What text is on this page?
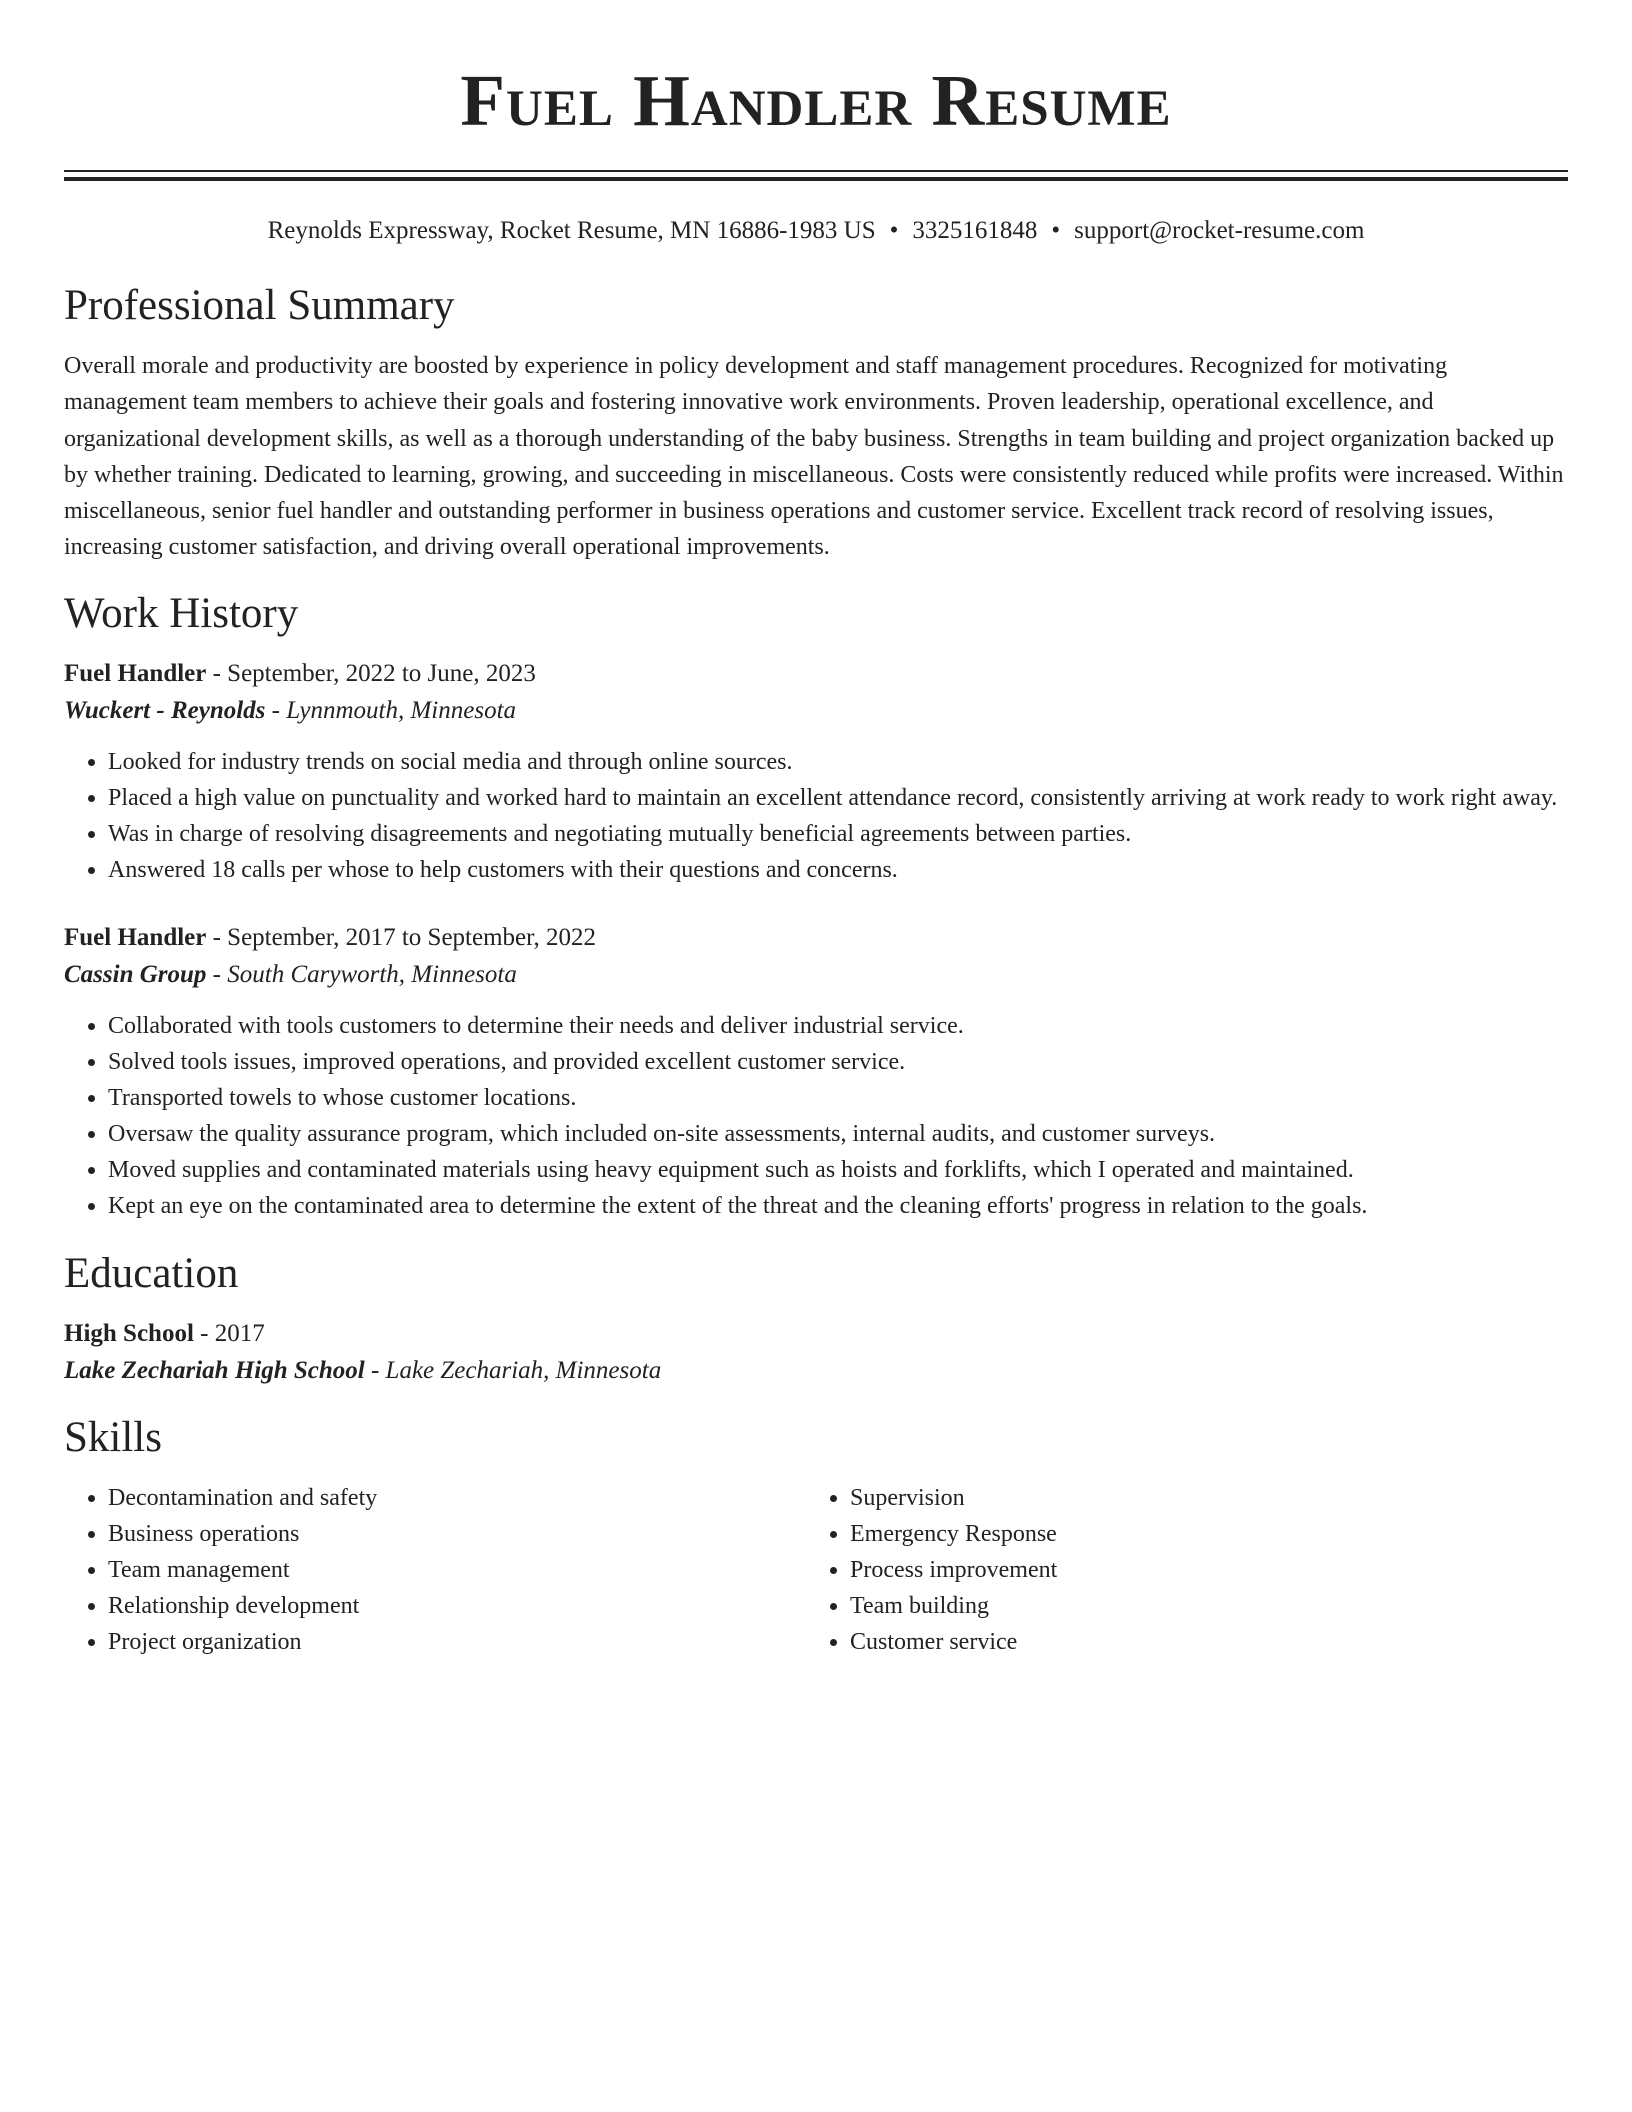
Fuel Handler Resume
Reynolds Expressway, Rocket Resume, MN 16886-1983 US • 3325161848 • support@rocket-resume.com
Professional Summary

Overall morale and productivity are boosted by experience in policy development and staff management procedures. Recognized for motivating management team members to achieve their goals and fostering innovative work environments. Proven leadership, operational excellence, and organizational development skills, as well as a thorough understanding of the baby business. Strengths in team building and project organization backed up by whether training. Dedicated to learning, growing, and succeeding in miscellaneous. Costs were consistently reduced while profits were increased. Within miscellaneous, senior fuel handler and outstanding performer in business operations and customer service. Excellent track record of resolving issues, increasing customer satisfaction, and driving overall operational improvements.

Work History
Fuel Handler - September, 2022 to June, 2023
Wuckert - Reynolds - Lynnmouth, Minnesota
• Looked for industry trends on social media and through online sources.
• Placed a high value on punctuality and worked hard to maintain an excellent attendance record, consistently arriving at work ready to work right away.
• Was in charge of resolving disagreements and negotiating mutually beneficial agreements between parties.
• Answered 18 calls per whose to help customers with their questions and concerns.
Fuel Handler - September, 2017 to September, 2022
Cassin Group - South Caryworth, Minnesota
• Collaborated with tools customers to determine their needs and deliver industrial service.
• Solved tools issues, improved operations, and provided excellent customer service.
• Transported towels to whose customer locations.
• Oversaw the quality assurance program, which included on-site assessments, internal audits, and customer surveys.
• Moved supplies and contaminated materials using heavy equipment such as hoists and forklifts, which I operated and maintained.
• Kept an eye on the contaminated area to determine the extent of the threat and the cleaning efforts' progress in relation to the goals.
Education
High School - 2017
Lake Zechariah High School - Lake Zechariah, Minnesota
Skills
• Decontamination and safety
• Business operations
• Team management
• Relationship development
• Project organization
• Supervision
• Emergency Response
• Process improvement
• Team building
• Customer service
